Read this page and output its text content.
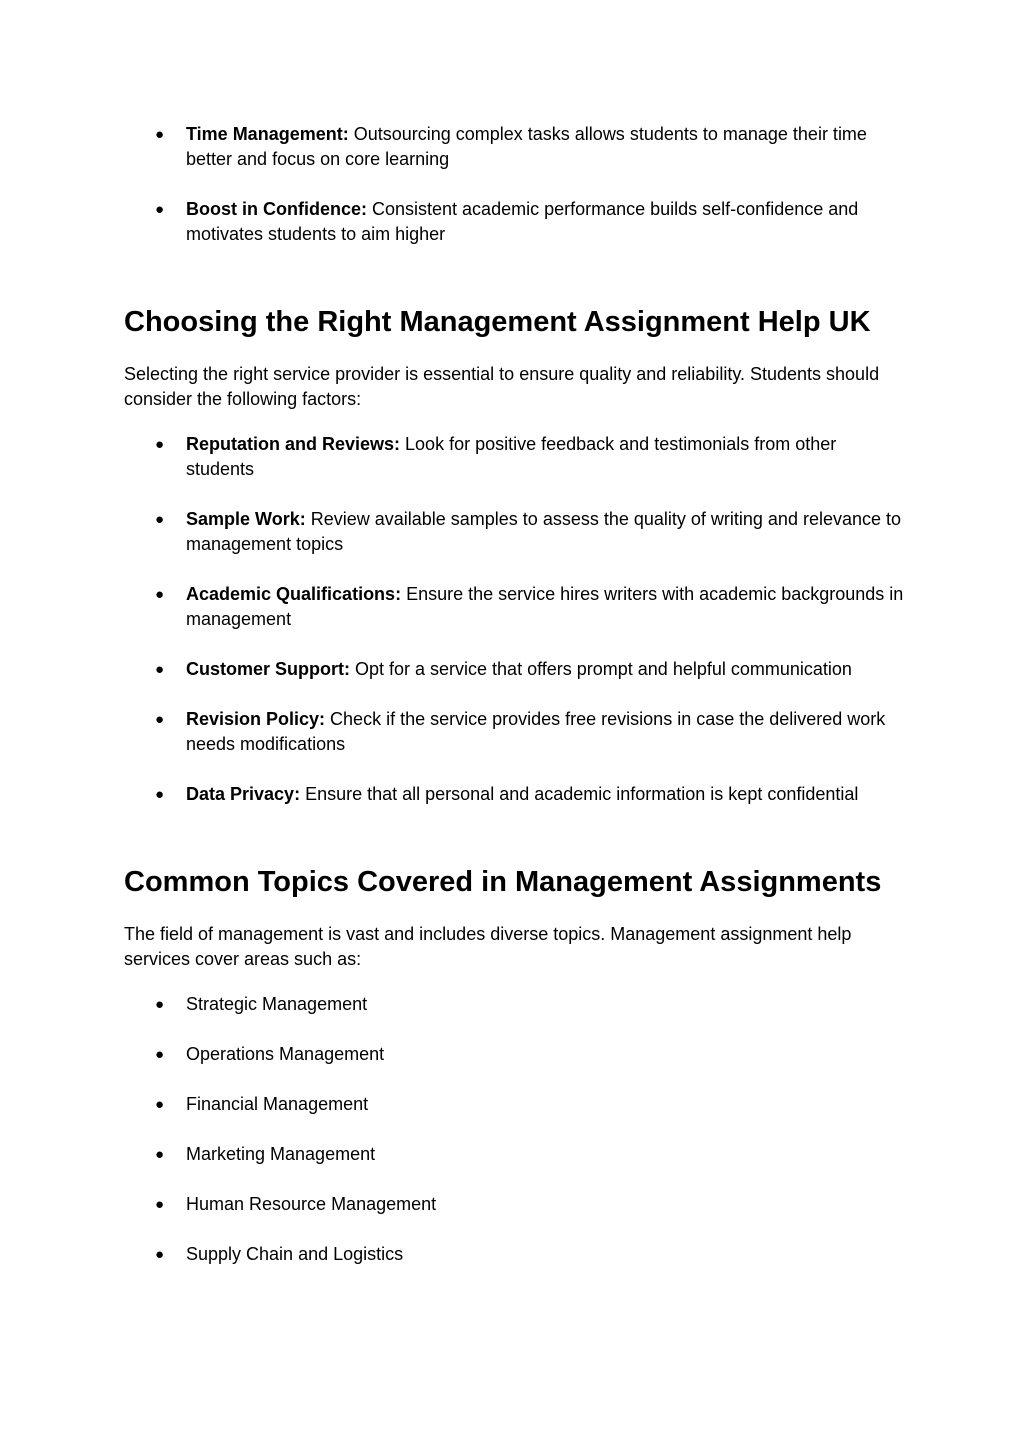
● Time Management: Outsourcing complex tasks allows students to manage their time better and focus on core learning
● Boost in Confidence: Consistent academic performance builds self-confidence and motivates students to aim higher
Choosing the Right Management Assignment Help UK

Selecting the right service provider is essential to ensure quality and reliability. Students should consider the following factors:

● Reputation and Reviews: Look for positive feedback and testimonials from other students
● Sample Work: Review available samples to assess the quality of writing and relevance to management topics
● Academic Qualifications: Ensure the service hires writers with academic backgrounds in management
● Customer Support: Opt for a service that offers prompt and helpful communication
● Revision Policy: Check if the service provides free revisions in case the delivered work needs modifications
● Data Privacy: Ensure that all personal and academic information is kept confidential
Common Topics Covered in Management Assignments

The field of management is vast and includes diverse topics. Management assignment help services cover areas such as:

● Strategic Management
● Operations Management
● Financial Management
● Marketing Management
● Human Resource Management
● Supply Chain and Logistics
